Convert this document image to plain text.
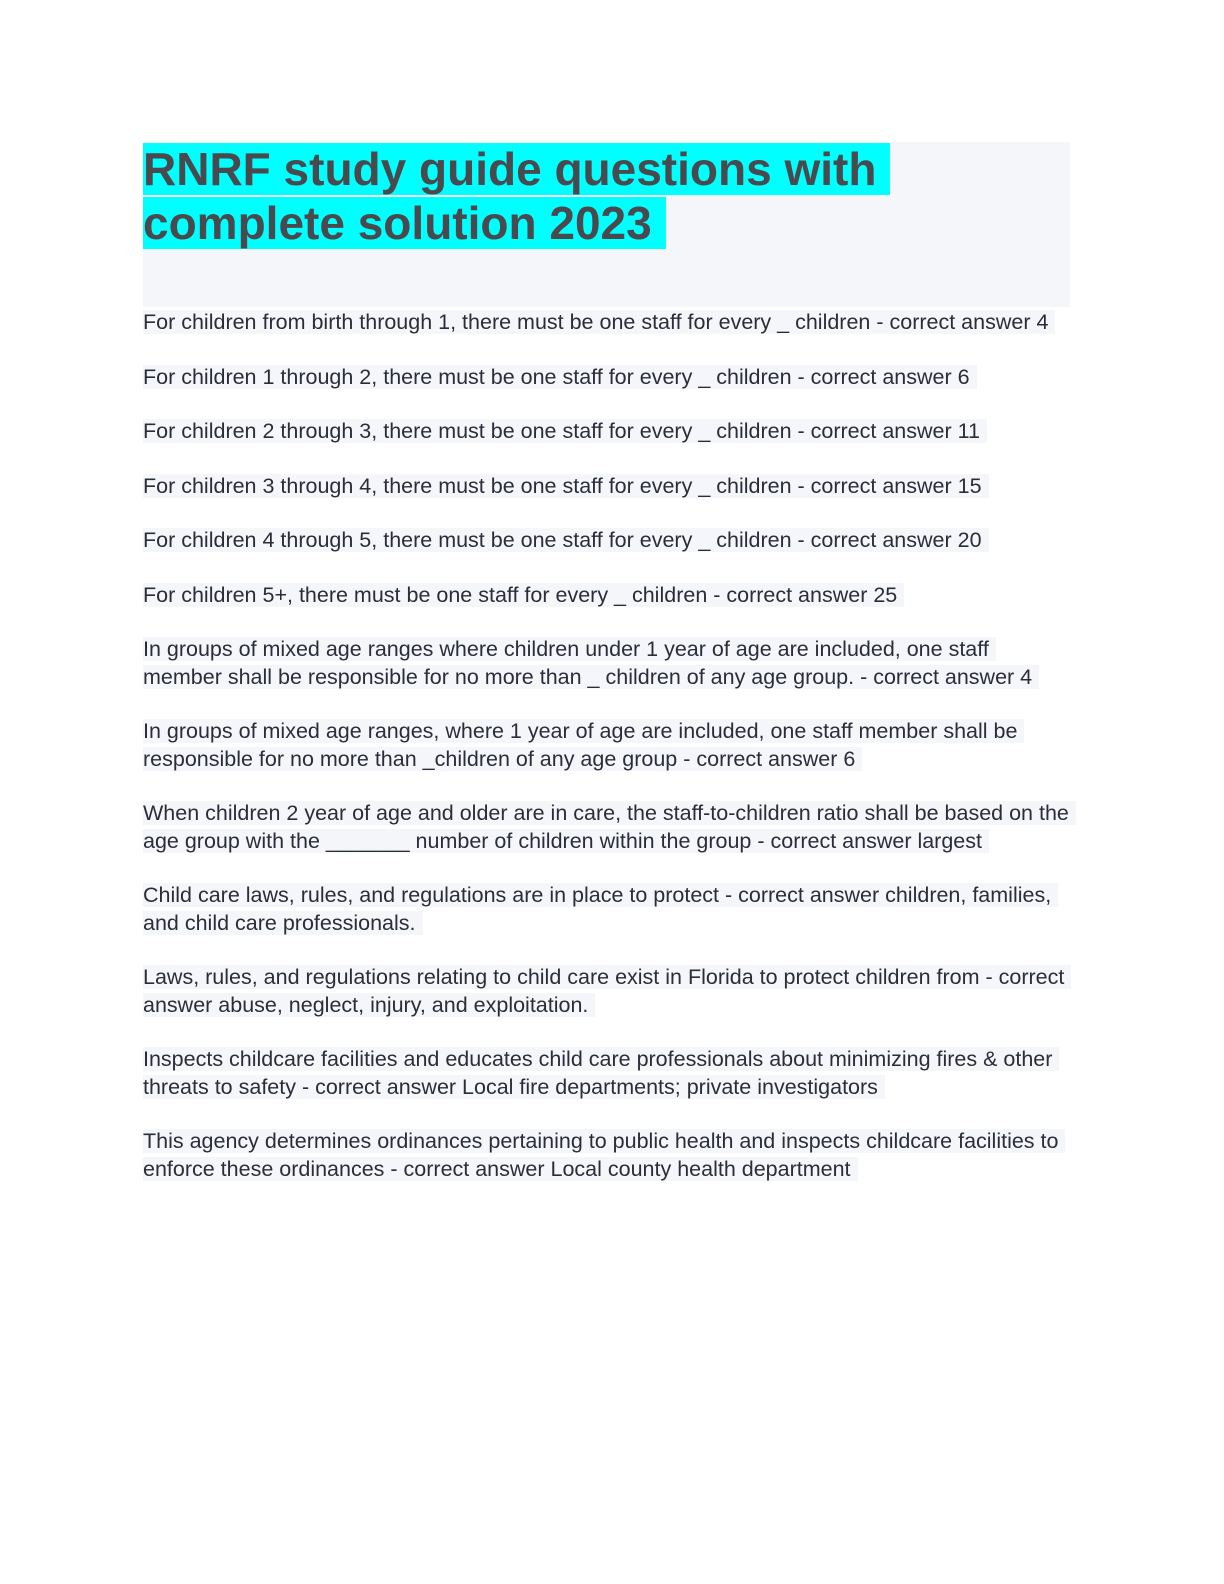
RNRF study guide questions with complete solution 2023
For children from birth through 1, there must be one staff for every _ children - correct answer 4
For children 1 through 2, there must be one staff for every _ children - correct answer 6
For children 2 through 3, there must be one staff for every _ children - correct answer 11
For children 3 through 4, there must be one staff for every _ children - correct answer 15
For children 4 through 5, there must be one staff for every _ children - correct answer 20
For children 5+, there must be one staff for every _ children - correct answer 25
In groups of mixed age ranges where children under 1 year of age are included, one staff member shall be responsible for no more than _ children of any age group. - correct answer 4
In groups of mixed age ranges, where 1 year of age are included, one staff member shall be responsible for no more than _children of any age group - correct answer 6
When children 2 year of age and older are in care, the staff-to-children ratio shall be based on the age group with the _______ number of children within the group - correct answer largest
Child care laws, rules, and regulations are in place to protect - correct answer children, families, and child care professionals.
Laws, rules, and regulations relating to child care exist in Florida to protect children from - correct answer abuse, neglect, injury, and exploitation.
Inspects childcare facilities and educates child care professionals about minimizing fires & other threats to safety - correct answer Local fire departments; private investigators
This agency determines ordinances pertaining to public health and inspects childcare facilities to enforce these ordinances - correct answer Local county health department
